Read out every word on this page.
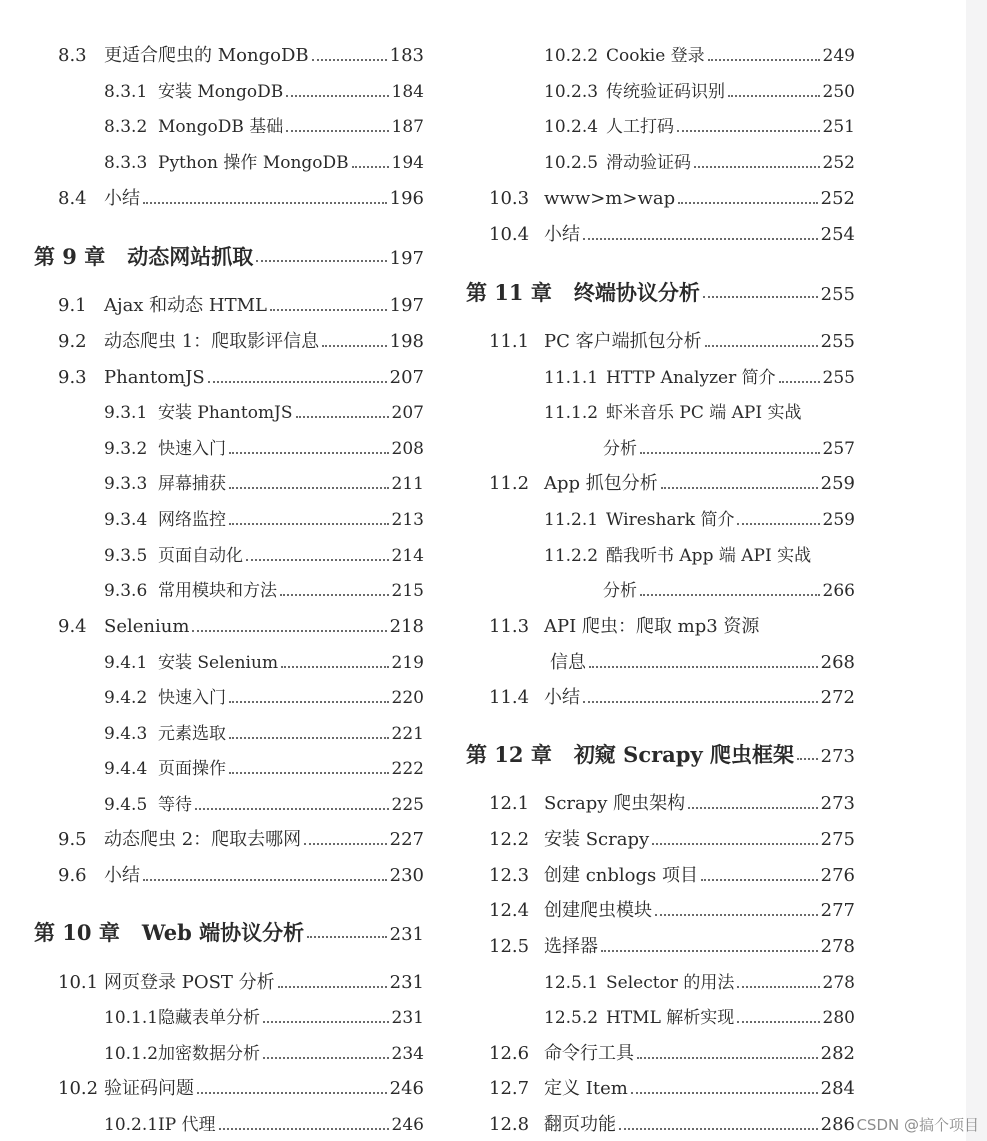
8.3 更适合爬虫的 MongoDB	183
8.3.1 安装 MongoDB	184
8.3.2 MongoDB 基础	187
8.3.3 Python 操作 MongoDB	194
8.4 小结	196
第 9 章 动态网站抓取	197
9.1 Ajax 和动态 HTML	197
9.2 动态爬虫 1：爬取影评信息	198
9.3 PhantomJS	207
9.3.1 安装 PhantomJS	207
9.3.2 快速入门	208
9.3.3 屏幕捕获	211
9.3.4 网络监控	213
9.3.5 页面自动化	214
9.3.6 常用模块和方法	215
9.4 Selenium	218
9.4.1 安装 Selenium	219
9.4.2 快速入门	220
9.4.3 元素选取	221
9.4.4 页面操作	222
9.4.5 等待	225
9.5 动态爬虫 2：爬取去哪网	227
9.6 小结	230
第 10 章 Web 端协议分析	231
10.1 网页登录 POST 分析	231
10.1.1 隐藏表单分析	231
10.1.2 加密数据分析	234
10.2 验证码问题	246
10.2.1 IP 代理	246
10.2.2 Cookie 登录	249
10.2.3 传统验证码识别	250
10.2.4 人工打码	251
10.2.5 滑动验证码	252
10.3 www>m>wap	252
10.4 小结	254
第 11 章 终端协议分析	255
11.1 PC 客户端抓包分析	255
11.1.1 HTTP Analyzer 简介	255
11.1.2 虾米音乐 PC 端 API 实战
分析	257
11.2 App 抓包分析	259
11.2.1 Wireshark 简介	259
11.2.2 酷我听书 App 端 API 实战
分析	266
11.3 API 爬虫：爬取 mp3 资源
信息	268
11.4 小结	272
第 12 章 初窥 Scrapy 爬虫框架 273
12.1 Scrapy 爬虫架构	273
12.2 安装 Scrapy	275
12.3 创建 cnblogs 项目	276
12.4 创建爬虫模块	277
12.5 选择器	278
12.5.1 Selector 的用法	278
12.5.2 HTML 解析实现	280
12.6 命令行工具	282
12.7 定义 Item	284
12.8 翻页功能	286 CSDN @搞个项目
